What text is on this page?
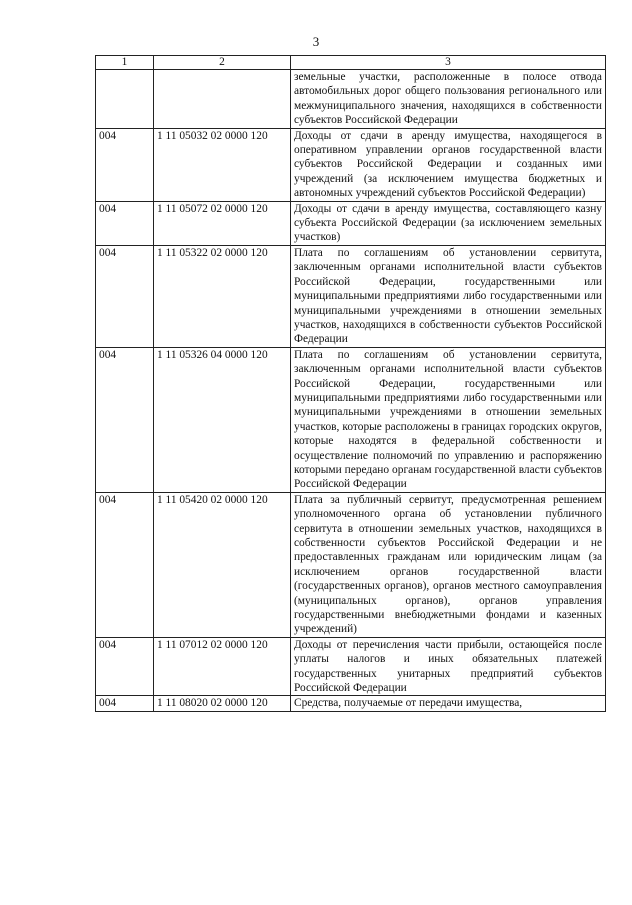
3
1	2	3
		земельные участки, расположенные в полосе отвода автомобильных дорог общего пользования регионального или межмуниципального значения, находящихся в собственности субъектов Российской Федерации
004	1 11 05032 02 0000 120	Доходы от сдачи в аренду имущества, находящегося в оперативном управлении органов государственной власти субъектов Российской Федерации и созданных ими учреждений (за исключением имущества бюджетных и автономных учреждений субъектов Российской Федерации)
004	1 11 05072 02 0000 120	Доходы от сдачи в аренду имущества, составляющего казну субъекта Российской Федерации (за исключением земельных участков)
004	1 11 05322 02 0000 120	Плата по соглашениям об установлении сервитута, заключенным органами исполнительной власти субъектов Российской Федерации, государственными или муниципальными предприятиями либо государственными или муниципальными учреждениями в отношении земельных участков, находящихся в собственности субъектов Российской Федерации
004	1 11 05326 04 0000 120	Плата по соглашениям об установлении сервитута, заключенным органами исполнительной власти субъектов Российской Федерации, государственными или муниципальными предприятиями либо государственными или муниципальными учреждениями в отношении земельных участков, которые расположены в границах городских округов, которые находятся в федеральной собственности и осуществление полномочий по управлению и распоряжению которыми передано органам государственной власти субъектов Российской Федерации
004	1 11 05420 02 0000 120	Плата за публичный сервитут, предусмотренная решением уполномоченного органа об установлении публичного сервитута в отношении земельных участков, находящихся в собственности субъектов Российской Федерации и не предоставленных гражданам или юридическим лицам (за исключением органов государственной власти (государственных органов), органов местного самоуправления (муниципальных органов), органов управления государственными внебюджетными фондами и казенных учреждений)
004	1 11 07012 02 0000 120	Доходы от перечисления части прибыли, остающейся после уплаты налогов и иных обязательных платежей государственных унитарных предприятий субъектов Российской Федерации
004	1 11 08020 02 0000 120	Средства, получаемые от передачи имущества,
